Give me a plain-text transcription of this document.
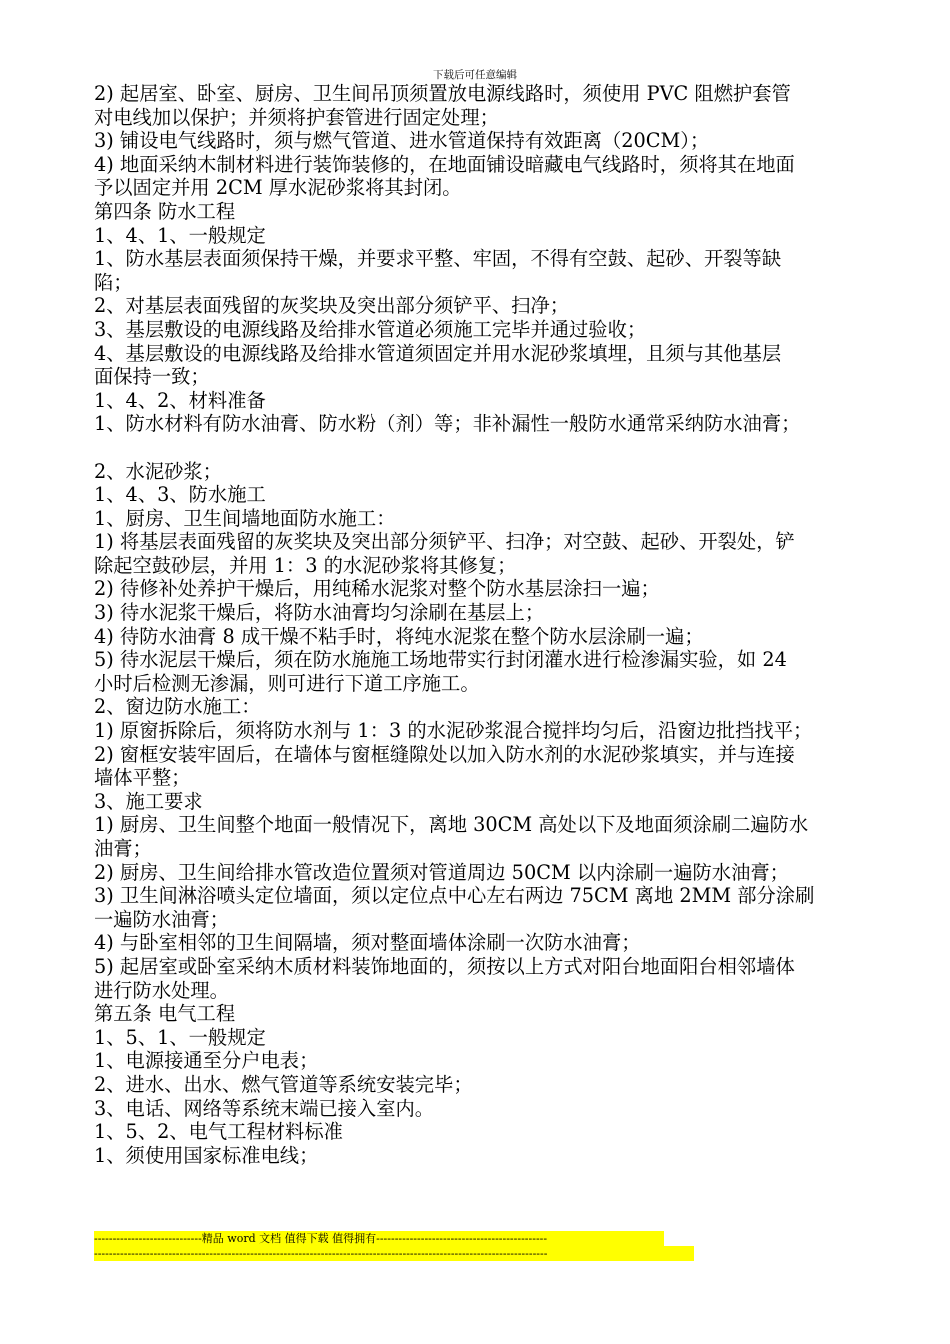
下载后可任意编辑
2) 起居室、卧室、厨房、卫生间吊顶须置放电源线路时，须使用 PVC 阻燃护套管
对电线加以保护；并须将护套管进行固定处理；
3) 铺设电气线路时，须与燃气管道、进水管道保持有效距离（20CM）；
4) 地面采纳木制材料进行装饰装修的，在地面铺设暗藏电气线路时，须将其在地面
予以固定并用 2CM 厚水泥砂浆将其封闭。
第四条 防水工程
1、4、1、一般规定
1、防水基层表面须保持干燥，并要求平整、牢固，不得有空鼓、起砂、开裂等缺
陷；
2、对基层表面残留的灰奖块及突出部分须铲平、扫净；
3、基层敷设的电源线路及给排水管道必须施工完毕并通过验收；
4、基层敷设的电源线路及给排水管道须固定并用水泥砂浆填埋，且须与其他基层
面保持一致；
1、4、2、材料准备
1、防水材料有防水油膏、防水粉（剂）等；非补漏性一般防水通常采纳防水油膏；
2、水泥砂浆；
1、4、3、防水施工
1、厨房、卫生间墙地面防水施工：
1) 将基层表面残留的灰奖块及突出部分须铲平、扫净；对空鼓、起砂、开裂处，铲
除起空鼓砂层，并用 1：3 的水泥砂浆将其修复；
2) 待修补处养护干燥后，用纯稀水泥浆对整个防水基层涂扫一遍；
3) 待水泥浆干燥后，将防水油膏均匀涂刷在基层上；
4) 待防水油膏 8 成干燥不粘手时，将纯水泥浆在整个防水层涂刷一遍；
5) 待水泥层干燥后，须在防水施施工场地带实行封闭灌水进行检渗漏实验，如 24
小时后检测无渗漏，则可进行下道工序施工。
2、窗边防水施工：
1) 原窗拆除后，须将防水剂与 1：3 的水泥砂浆混合搅拌均匀后，沿窗边批挡找平；
2) 窗框安装牢固后，在墙体与窗框缝隙处以加入防水剂的水泥砂浆填实，并与连接
墙体平整；
3、施工要求
1) 厨房、卫生间整个地面一般情况下，离地 30CM 高处以下及地面须涂刷二遍防水
油膏；
2) 厨房、卫生间给排水管改造位置须对管道周边 50CM 以内涂刷一遍防水油膏；
3) 卫生间淋浴喷头定位墙面，须以定位点中心左右两边 75CM 离地 2MM 部分涂刷
一遍防水油膏；
4) 与卧室相邻的卫生间隔墙，须对整面墙体涂刷一次防水油膏；
5) 起居室或卧室采纳木质材料装饰地面的，须按以上方式对阳台地面阳台相邻墙体
进行防水处理。
第五条 电气工程
1、5、1、一般规定
1、电源接通至分户电表；
2、进水、出水、燃气管道等系统安装完毕；
3、电话、网络等系统末端已接入室内。
1、5、2、电气工程材料标准
1、须使用国家标准电线；
-----------------------------精品 word 文档 值得下载 值得拥有----------------------------------------------
--------------------------------------------------------------------------------------------------------------------------
